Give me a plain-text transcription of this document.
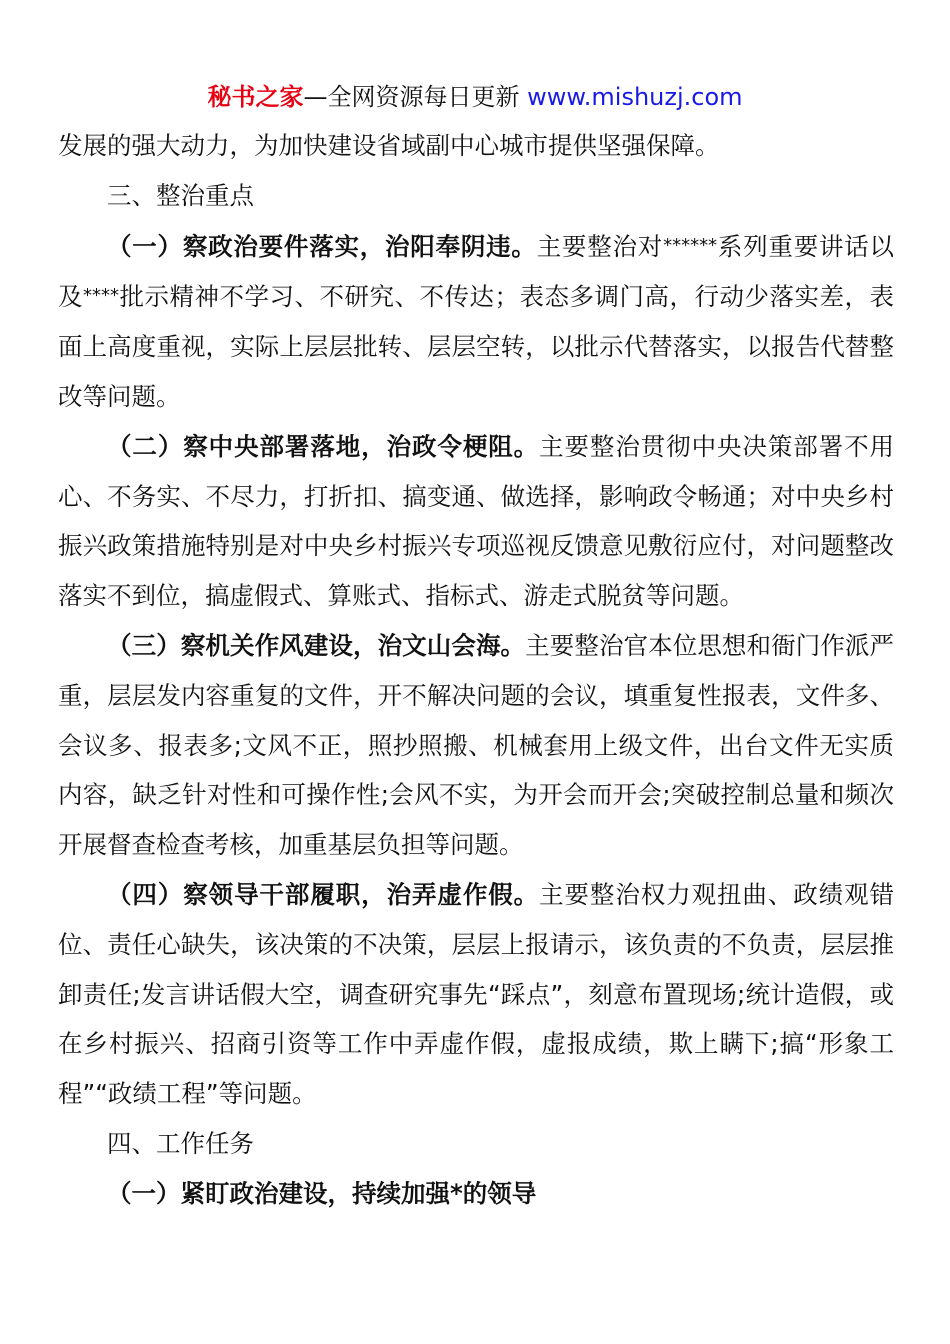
秘书之家—全网资源每日更新 www.mishuzj.com

发展的强大动力，为加快建设省域副中心城市提供坚强保障。

三、整治重点

（一）察政治要件落实，治阳奉阴违。主要整治对******系列重要讲话以及****批示精神不学习、不研究、不传达；表态多调门高，行动少落实差，表面上高度重视，实际上层层批转、层层空转，以批示代替落实，以报告代替整改等问题。

（二）察中央部署落地，治政令梗阻。主要整治贯彻中央决策部署不用心、不务实、不尽力，打折扣、搞变通、做选择，影响政令畅通；对中央乡村振兴政策措施特别是对中央乡村振兴专项巡视反馈意见敷衍应付，对问题整改落实不到位，搞虚假式、算账式、指标式、游走式脱贫等问题。

（三）察机关作风建设，治文山会海。主要整治官本位思想和衙门作派严重，层层发内容重复的文件，开不解决问题的会议，填重复性报表，文件多、会议多、报表多;文风不正，照抄照搬、机械套用上级文件，出台文件无实质内容，缺乏针对性和可操作性;会风不实，为开会而开会;突破控制总量和频次开展督查检查考核，加重基层负担等问题。

（四）察领导干部履职，治弄虚作假。主要整治权力观扭曲、政绩观错位、责任心缺失，该决策的不决策，层层上报请示，该负责的不负责，层层推卸责任;发言讲话假大空，调查研究事先“踩点”，刻意布置现场;统计造假，或在乡村振兴、招商引资等工作中弄虚作假，虚报成绩，欺上瞒下;搞“形象工程”“政绩工程”等问题。

四、工作任务

（一）紧盯政治建设，持续加强*的领导
